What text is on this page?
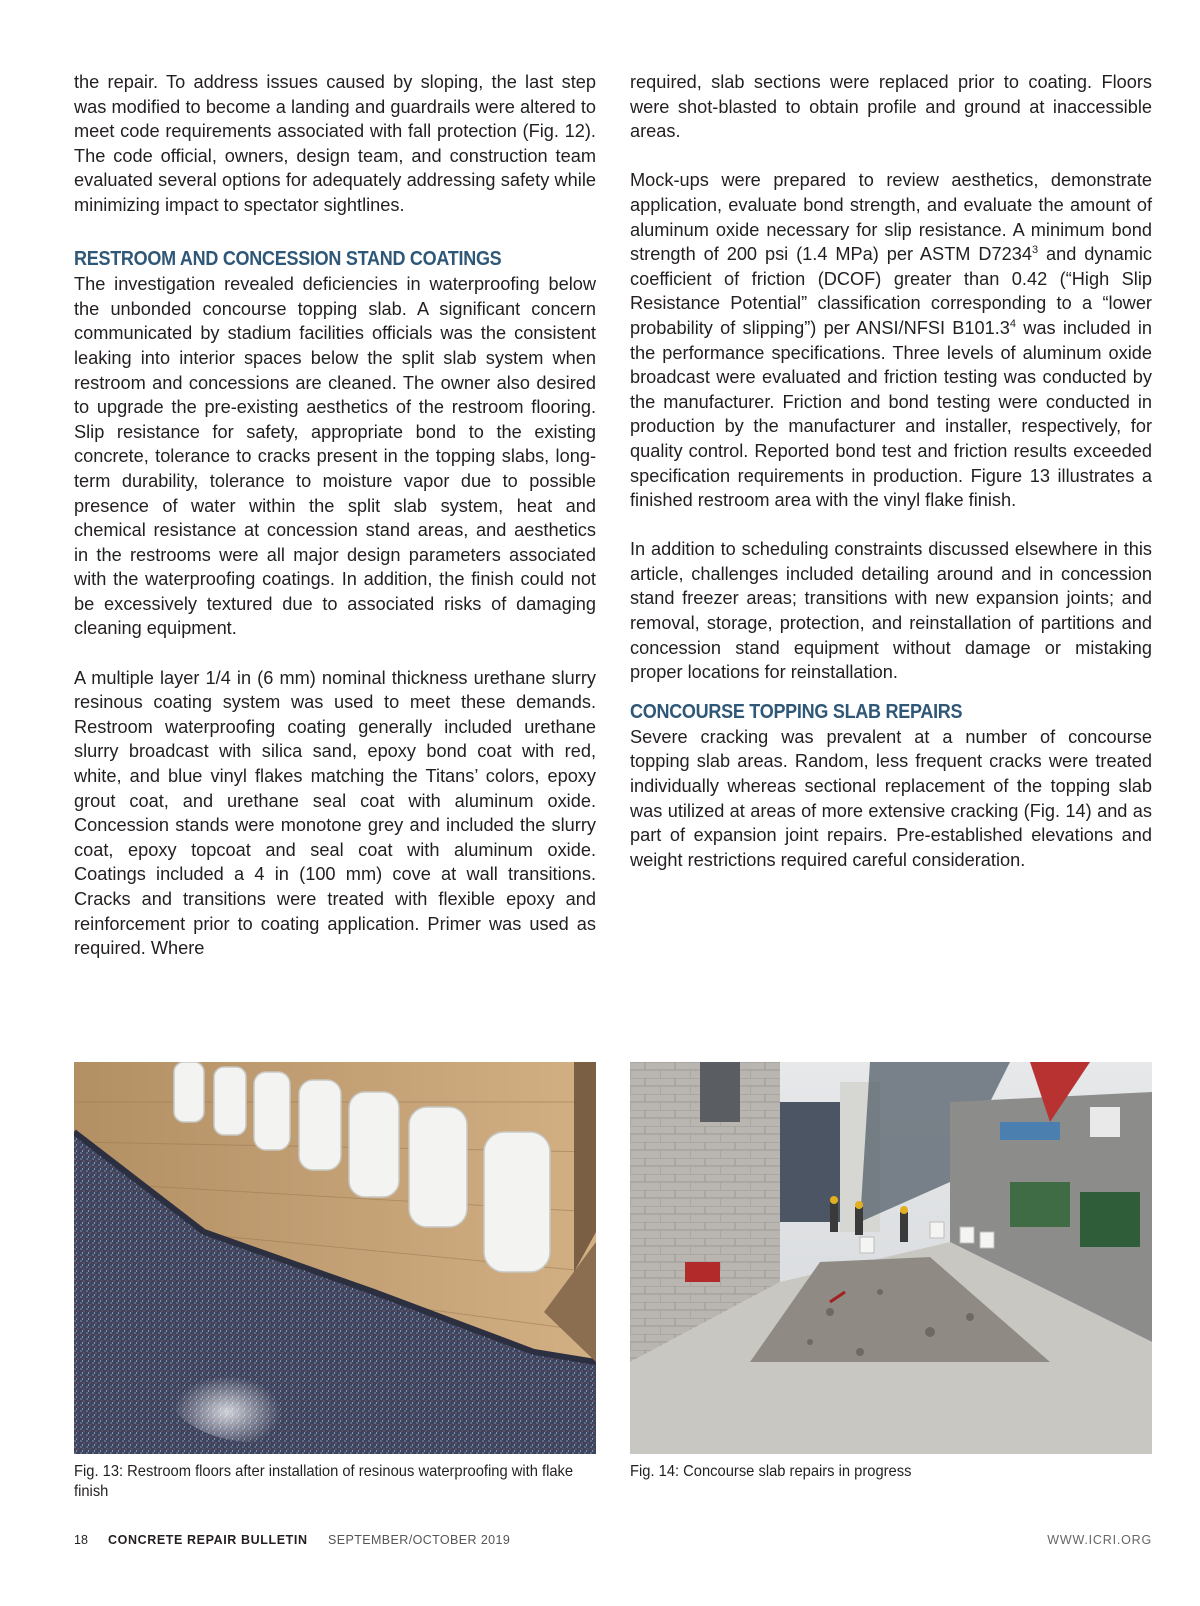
the repair. To address issues caused by sloping, the last step was modified to become a landing and guardrails were altered to meet code requirements associated with fall protection (Fig. 12). The code official, owners, design team, and construction team evaluated several options for adequately addressing safety while minimizing impact to spectator sightlines.

RESTROOM AND CONCESSION STAND COATINGS

The investigation revealed deficiencies in waterproofing below the unbonded concourse topping slab. A significant concern communicated by stadium facilities officials was the consistent leaking into interior spaces below the split slab system when restroom and concessions are cleaned. The owner also desired to upgrade the pre-existing aesthetics of the restroom flooring. Slip resistance for safety, appropriate bond to the existing concrete, tolerance to cracks present in the topping slabs, long-term durability, tolerance to moisture vapor due to possible presence of water within the split slab system, heat and chemical resistance at concession stand areas, and aesthetics in the restrooms were all major design parameters associated with the waterproofing coatings. In addition, the finish could not be excessively textured due to associated risks of damaging cleaning equipment.

A multiple layer 1/4 in (6 mm) nominal thickness urethane slurry resinous coating system was used to meet these demands. Restroom waterproofing coating generally included urethane slurry broadcast with silica sand, epoxy bond coat with red, white, and blue vinyl flakes matching the Titans’ colors, epoxy grout coat, and urethane seal coat with aluminum oxide. Concession stands were monotone grey and included the slurry coat, epoxy topcoat and seal coat with aluminum oxide. Coatings included a 4 in (100 mm) cove at wall transitions. Cracks and transitions were treated with flexible epoxy and reinforcement prior to coating application. Primer was used as required. Where

required, slab sections were replaced prior to coating. Floors were shot-blasted to obtain profile and ground at inaccessible areas.

Mock-ups were prepared to review aesthetics, demonstrate application, evaluate bond strength, and evaluate the amount of aluminum oxide necessary for slip resistance. A minimum bond strength of 200 psi (1.4 MPa) per ASTM D7234$^3$ and dynamic coefficient of friction (DCOF) greater than 0.42 (“High Slip Resistance Potential” classification corresponding to a “lower probability of slipping”) per ANSI/NFSI B101.3$^4$ was included in the performance specifications. Three levels of aluminum oxide broadcast were evaluated and friction testing was conducted by the manufacturer. Friction and bond testing were conducted in production by the manufacturer and installer, respectively, for quality control. Reported bond test and friction results exceeded specification requirements in production. Figure 13 illustrates a finished restroom area with the vinyl flake finish.

In addition to scheduling constraints discussed elsewhere in this article, challenges included detailing around and in concession stand freezer areas; transitions with new expansion joints; and removal, storage, protection, and reinstallation of partitions and concession stand equipment without damage or mistaking proper locations for reinstallation.

CONCOURSE TOPPING SLAB REPAIRS

Severe cracking was prevalent at a number of concourse topping slab areas. Random, less frequent cracks were treated individually whereas sectional replacement of the topping slab was utilized at areas of more extensive cracking (Fig. 14) and as part of expansion joint repairs. Pre-established elevations and weight restrictions required careful consideration.

Fig. 13: Restroom floors after installation of resinous waterproofing with flake finish
Fig. 14: Concourse slab repairs in progress
18 CONCRETE REPAIR BULLETIN SEPTEMBER/OCTOBER 2019	WWW.ICRI.ORG
